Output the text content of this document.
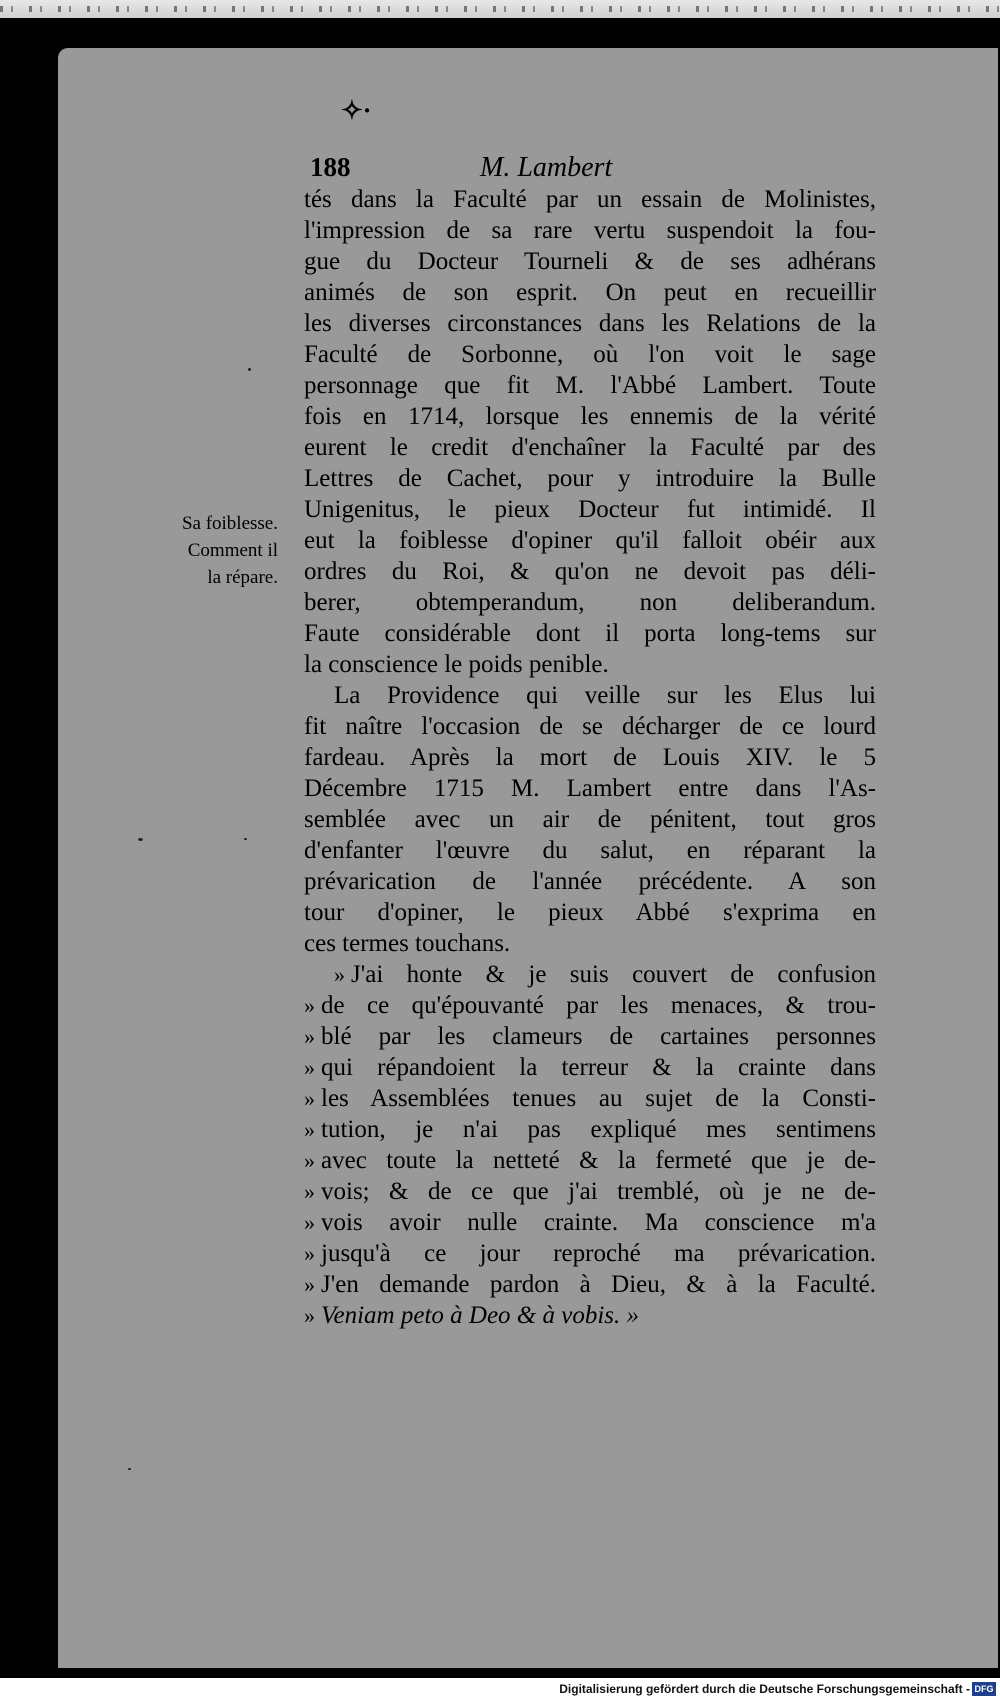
✧·
188	M. Lambert
Sa foiblesse.
Comment il
la répare.
tés dans la Faculté par un essain de Molinistes,
l'impression de sa rare vertu suspendoit la fou-
gue du Docteur Tourneli & de ses adhérans
animés de son esprit. On peut en recueillir
les diverses circonstances dans les Relations de la
Faculté de Sorbonne, où l'on voit le sage
personnage que fit M. l'Abbé Lambert. Toute
fois en 1714, lorsque les ennemis de la vérité
eurent le credit d'enchaîner la Faculté par des
Lettres de Cachet, pour y introduire la Bulle
Unigenitus, le pieux Docteur fut intimidé. Il
eut la foiblesse d'opiner qu'il falloit obéir aux
ordres du Roi, & qu'on ne devoit pas déli-
berer, obtemperandum, non deliberandum.
Faute considérable dont il porta long-tems sur
la conscience le poids penible.
La Providence qui veille sur les Elus lui
fit naître l'occasion de se décharger de ce lourd
fardeau. Après la mort de Louis XIV. le 5
Décembre 1715 M. Lambert entre dans l'As-
semblée avec un air de pénitent, tout gros
d'enfanter l'œuvre du salut, en réparant la
prévarication de l'année précédente. A son
tour d'opiner, le pieux Abbé s'exprima en
ces termes touchans.
» J'ai honte & je suis couvert de confusion
» de ce qu'épouvanté par les menaces, & trou-
» blé par les clameurs de cartaines personnes
» qui répandoient la terreur & la crainte dans
» les Assemblées tenues au sujet de la Consti-
» tution, je n'ai pas expliqué mes sentimens
» avec toute la netteté & la fermeté que je de-
» vois; & de ce que j'ai tremblé, où je ne de-
» vois avoir nulle crainte. Ma conscience m'a
» jusqu'à ce jour reproché ma prévarication.
» J'en demande pardon à Dieu, & à la Faculté.
» Veniam peto à Deo & à vobis. »
Digitalisierung gefördert durch die Deutsche Forschungsgemeinschaft - DFG
